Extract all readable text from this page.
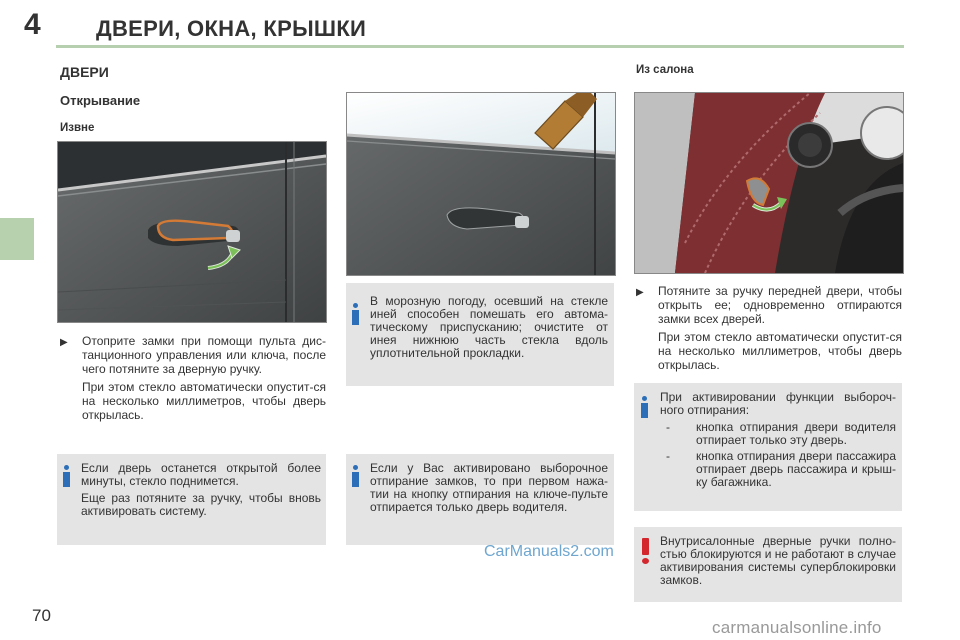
4	ДВЕРИ, ОКНА, КРЫШКИ
ДВЕРИ
Открывание
Извне
▶	Отоприте замки при помощи пульта дис-танционного управления или ключа, после чего потяните за дверную ручку.

При этом стекло автоматически опустит-ся на несколько миллиметров, чтобы дверь открылась.

Если дверь останется открытой более минуты, стекло поднимется.

Еще раз потяните за ручку, чтобы вновь активировать систему.

В морозную погоду, осевший на стекле иней способен помешать его автома-тическому приспусканию; очистите от инея нижнюю часть стекла вдоль уплотнительной прокладки.

Если у Вас активировано выборочное отпирание замков, то при первом нажа-тии на кнопку отпирания на ключе-пульте отпирается только дверь водителя.

Из салона
▶	Потяните за ручку передней двери, чтобы открыть ее; одновременно отпираются замки всех дверей.

При этом стекло автоматически опустит-ся на несколько миллиметров, чтобы дверь открылась.

При активировании функции выбороч-ного отпирания:

-	кнопка отпирания двери водителя отпирает только эту дверь.
-	кнопка отпирания двери пассажира отпирает дверь пассажира и крыш-ку багажника.

Внутрисалонные дверные ручки полно-стью блокируются и не работают в случае активирования системы суперблокировки замков.

CarManuals2.com
carmanualsonline.info
70
